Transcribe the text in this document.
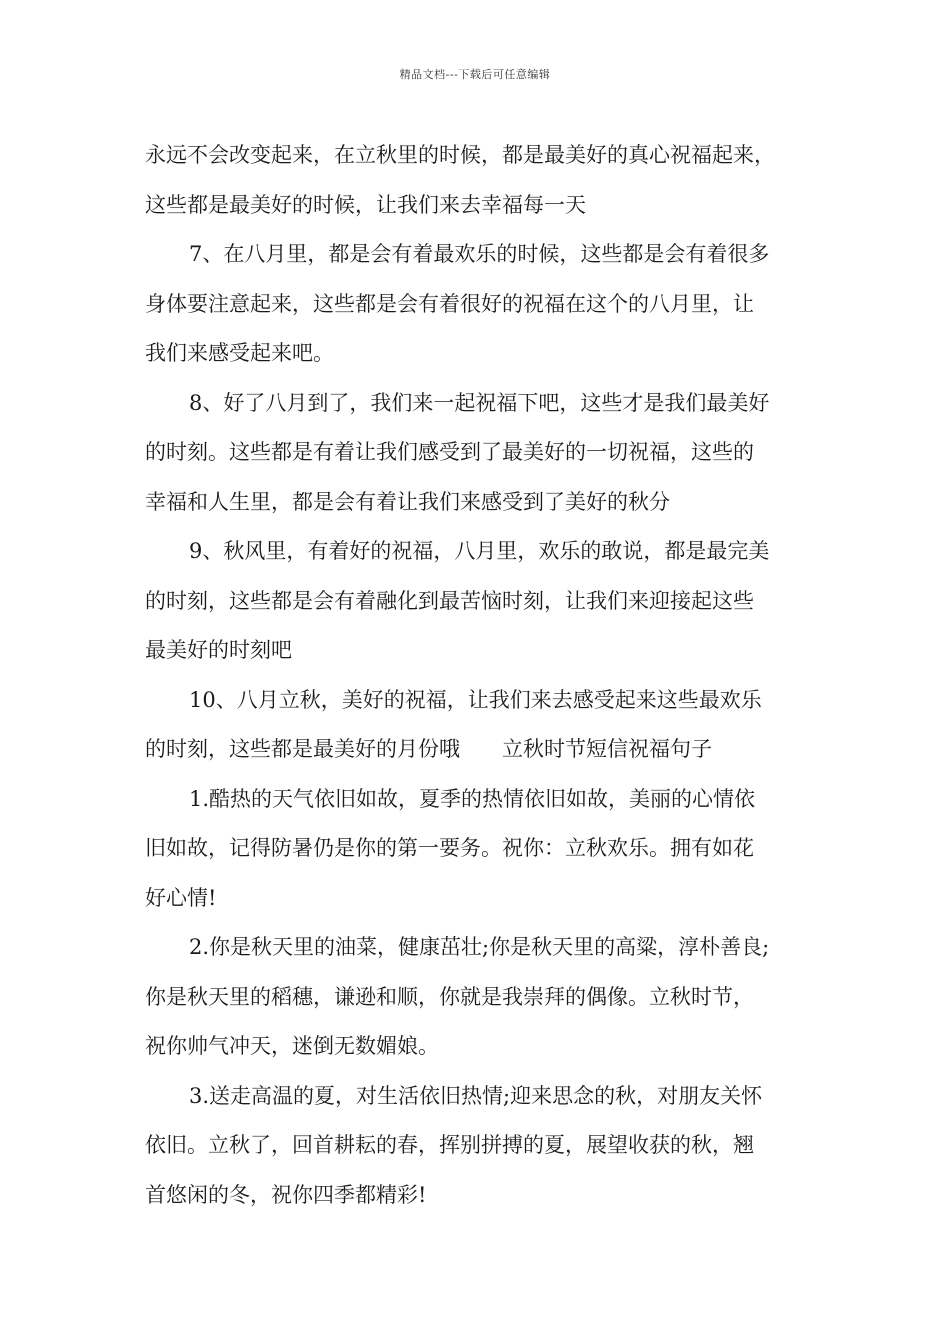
精品文档---下载后可任意编辑
永远不会改变起来，在立秋里的时候，都是最美好的真心祝福起来，
这些都是最美好的时候，让我们来去幸福每一天
7、在八月里，都是会有着最欢乐的时候，这些都是会有着很多
身体要注意起来，这些都是会有着很好的祝福在这个的八月里，让
我们来感受起来吧。
8、好了八月到了，我们来一起祝福下吧，这些才是我们最美好
的时刻。这些都是有着让我们感受到了最美好的一切祝福，这些的
幸福和人生里，都是会有着让我们来感受到了美好的秋分
9、秋风里，有着好的祝福，八月里，欢乐的敢说，都是最完美
的时刻，这些都是会有着融化到最苦恼时刻，让我们来迎接起这些
最美好的时刻吧
10、八月立秋，美好的祝福，让我们来去感受起来这些最欢乐
的时刻，这些都是最美好的月份哦 立秋时节短信祝福句子
1.酷热的天气依旧如故，夏季的热情依旧如故，美丽的心情依
旧如故，记得防暑仍是你的第一要务。祝你：立秋欢乐。拥有如花
好心情!
2.你是秋天里的油菜，健康茁壮;你是秋天里的高粱，淳朴善良;
你是秋天里的稻穗，谦逊和顺，你就是我崇拜的偶像。立秋时节，
祝你帅气冲天，迷倒无数媚娘。
3.送走高温的夏，对生活依旧热情;迎来思念的秋，对朋友关怀
依旧。立秋了，回首耕耘的春，挥别拼搏的夏，展望收获的秋，翘
首悠闲的冬，祝你四季都精彩!
